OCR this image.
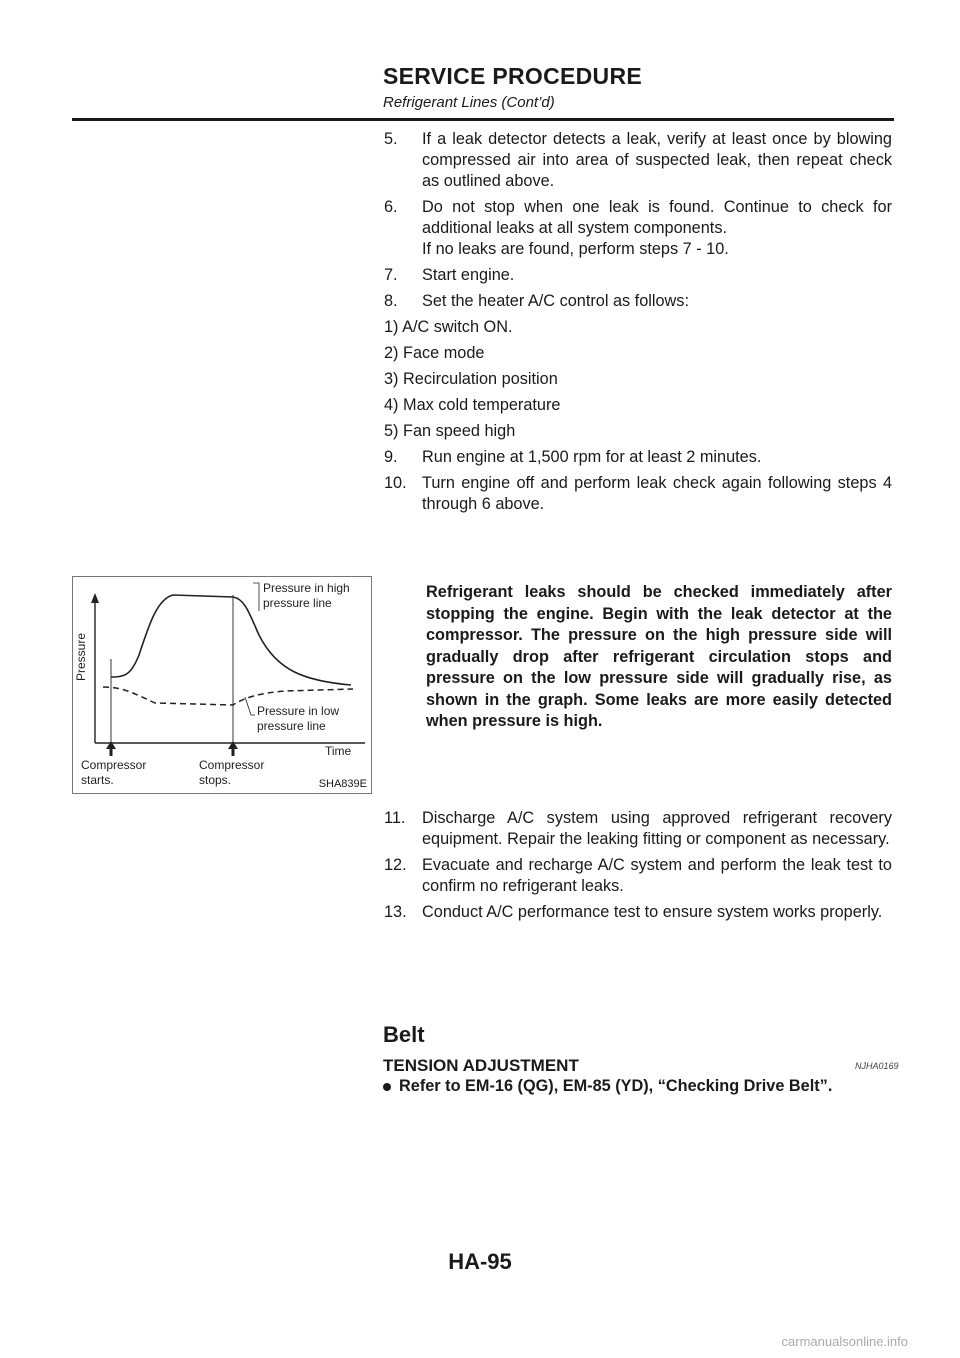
SERVICE PROCEDURE
Refrigerant Lines (Cont’d)
5. If a leak detector detects a leak, verify at least once by blowing compressed air into area of suspected leak, then repeat check as outlined above.
6. Do not stop when one leak is found. Continue to check for additional leaks at all system components.
If no leaks are found, perform steps 7 - 10.
7. Start engine.
8. Set the heater A/C control as follows:
1) A/C switch ON.
2) Face mode
3) Recirculation position
4) Max cold temperature
5) Fan speed high
9. Run engine at 1,500 rpm for at least 2 minutes.
10. Turn engine off and perform leak check again following steps 4 through 6 above.
Pressure in high
pressure line
Pressure in low
pressure line
Pressure
Time
Compressor
starts.
Compressor
stops.	SHA839E
Refrigerant leaks should be checked immediately after stopping the engine. Begin with the leak detector at the compressor. The pressure on the high pressure side will gradually drop after refrigerant circulation stops and pressure on the low pressure side will gradually rise, as shown in the graph. Some leaks are more easily detected when pressure is high.
11. Discharge A/C system using approved refrigerant recovery equipment. Repair the leaking fitting or component as necessary.
12. Evacuate and recharge A/C system and perform the leak test to confirm no refrigerant leaks.
13. Conduct A/C performance test to ensure system works properly.
Belt
TENSION ADJUSTMENT	NJHA0169
Refer to EM-16 (QG), EM-85 (YD), “Checking Drive Belt”.
HA-95
carmanualsonline.info
